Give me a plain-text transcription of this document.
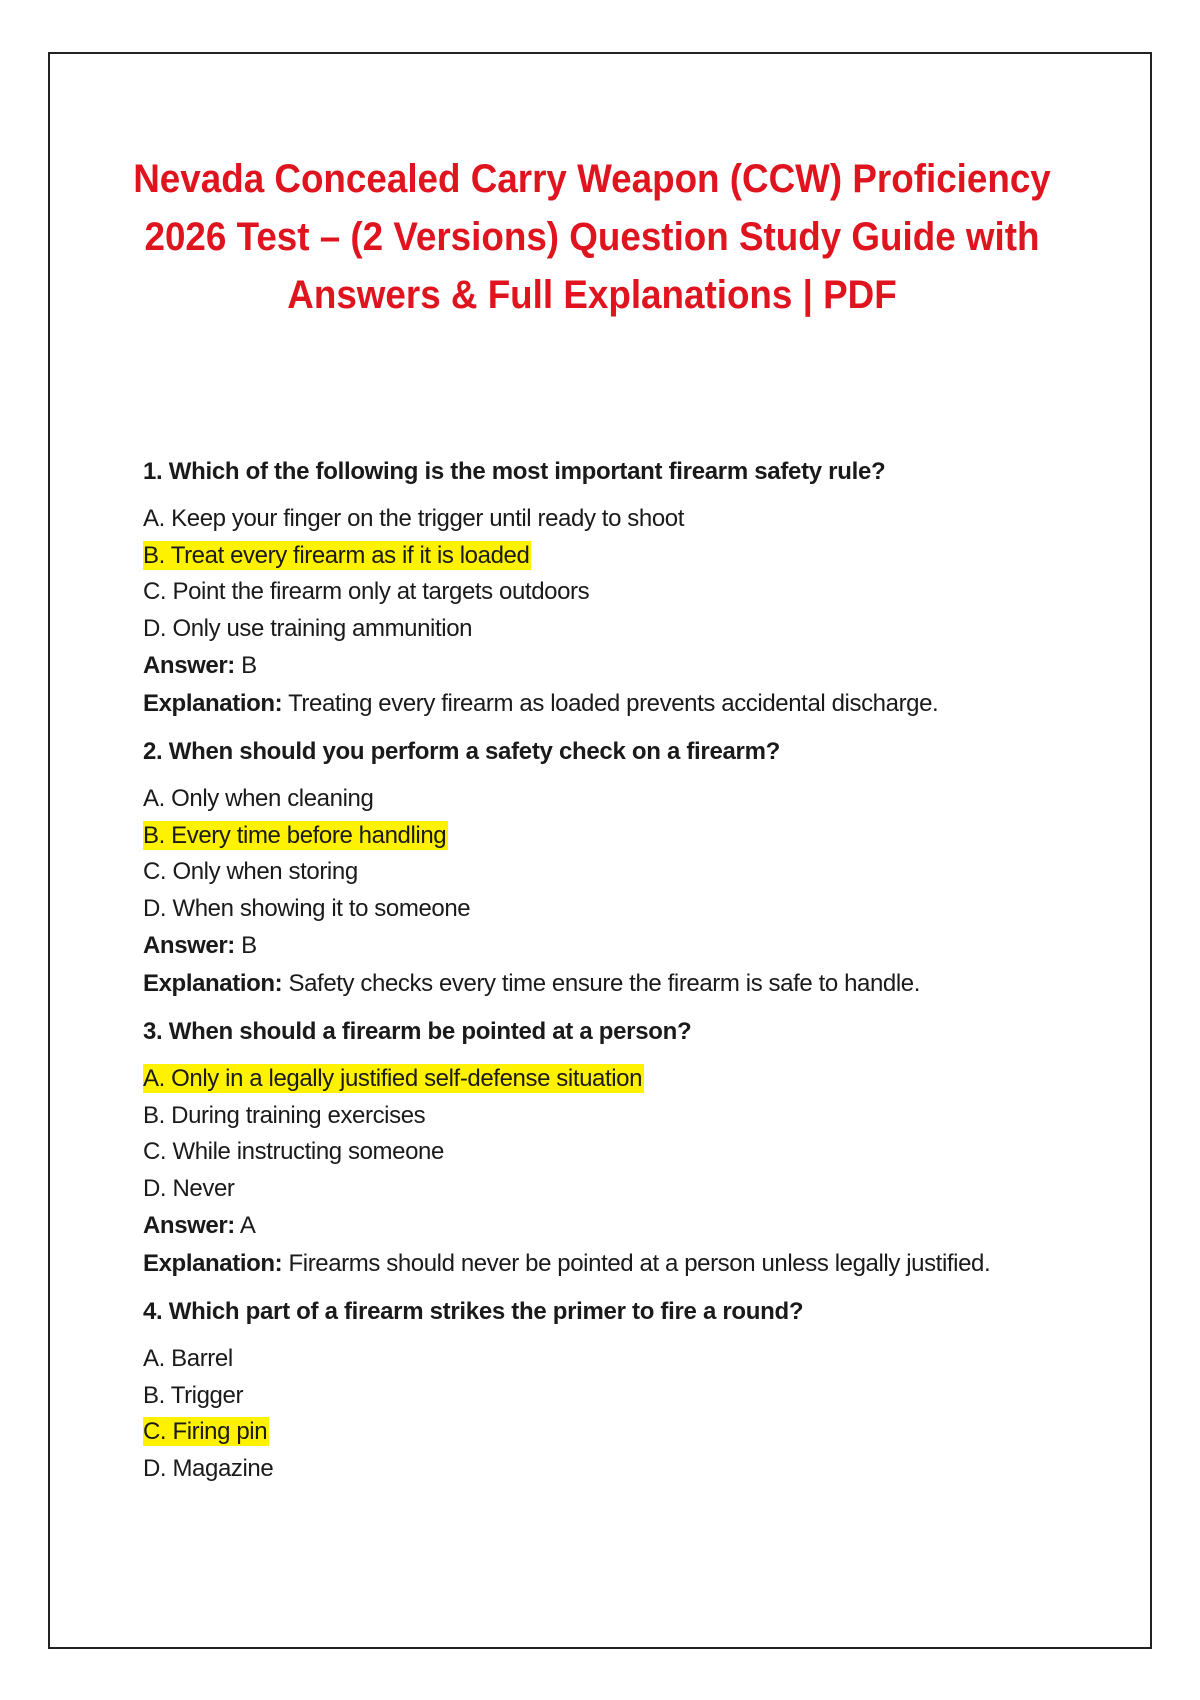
Nevada Concealed Carry Weapon (CCW) Proficiency
2026 Test – (2 Versions) Question Study Guide with
Answers & Full Explanations | PDF

1. Which of the following is the most important firearm safety rule?

A. Keep your finger on the trigger until ready to shoot

B. Treat every firearm as if it is loaded

C. Point the firearm only at targets outdoors

D. Only use training ammunition

Answer: B

Explanation: Treating every firearm as loaded prevents accidental discharge.

2. When should you perform a safety check on a firearm?

A. Only when cleaning

B. Every time before handling

C. Only when storing

D. When showing it to someone

Answer: B

Explanation: Safety checks every time ensure the firearm is safe to handle.

3. When should a firearm be pointed at a person?

A. Only in a legally justified self-defense situation

B. During training exercises

C. While instructing someone

D. Never

Answer: A

Explanation: Firearms should never be pointed at a person unless legally justified.

4. Which part of a firearm strikes the primer to fire a round?

A. Barrel

B. Trigger

C. Firing pin

D. Magazine
